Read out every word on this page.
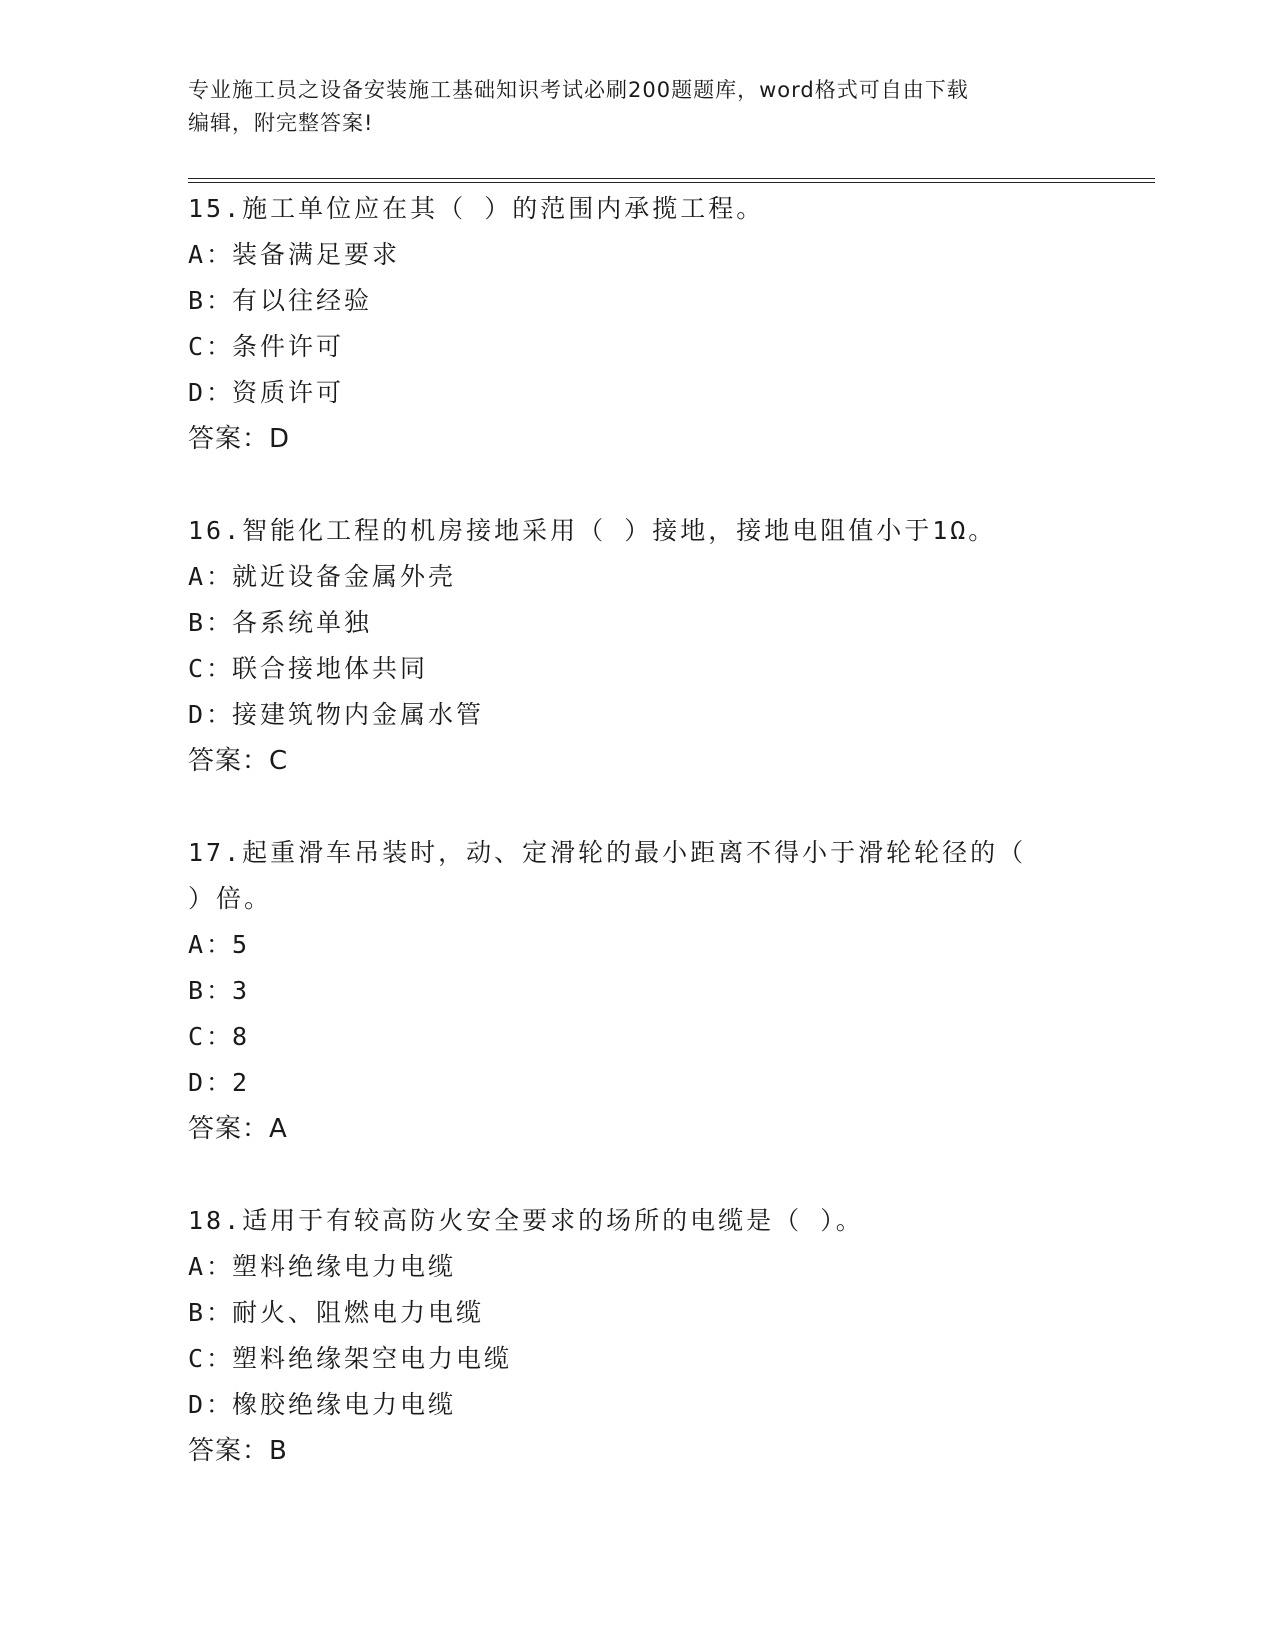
专业施工员之设备安装施工基础知识考试必刷200题题库，word格式可自由下载
编辑，附完整答案!

15.施工单位应在其（ ）的范围内承揽工程。

A：装备满足要求

B：有以往经验

C：条件许可

D：资质许可

答案：D

16.智能化工程的机房接地采用（ ）接地，接地电阻值小于1Ω。

A：就近设备金属外壳

B：各系统单独

C：联合接地体共同

D：接建筑物内金属水管

答案：C

17.起重滑车吊装时，动、定滑轮的最小距离不得小于滑轮轮径的（

）倍。

A：5

B：3

C：8

D：2

答案：A

18.适用于有较高防火安全要求的场所的电缆是（ ）。

A：塑料绝缘电力电缆

B：耐火、阻燃电力电缆

C：塑料绝缘架空电力电缆

D：橡胶绝缘电力电缆

答案：B
